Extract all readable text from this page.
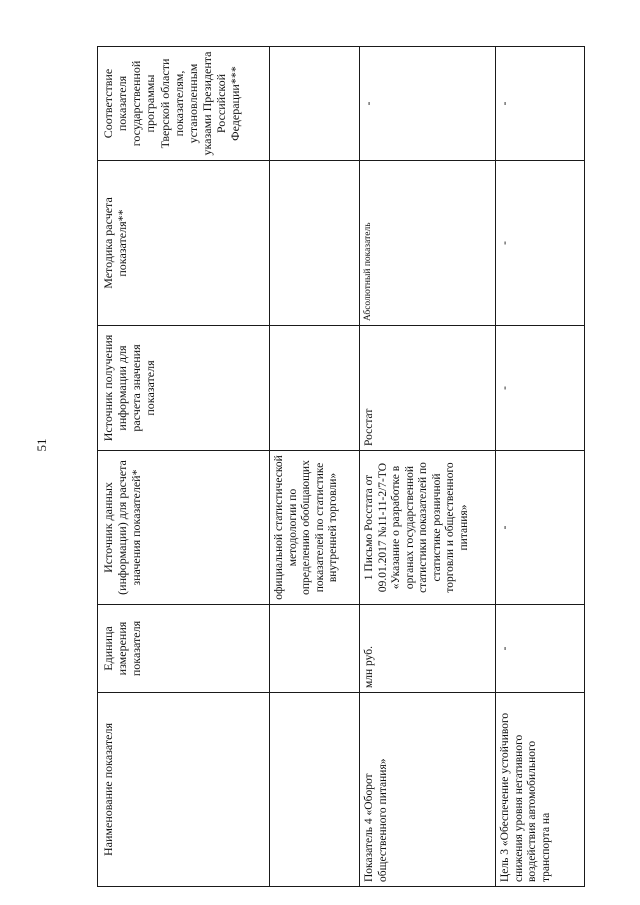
51
Наименование показателя	Единица измерения показателя	Источник данных (информации) для расчета значения показателей*	Источник получения информации для расчета значения показателя	Методика расчета показателя**	Соответствие показателя государственной программы Тверской области показателям, установленным указами Президента Российской Федерации***
		официальной статистической методологии по определению обобщающих показателей по статистике внутренней торговли»			
Показатель 4 «Оборот общественного питания»	млн руб.	1 Письмо Росстата от 09.01.2017 №11-11-2/7-ТО «Указание о разработке в органах государственной статистики показателей по статистике розничной торговли и общественного питания»	Росстат	Абсолютный показатель	-
Цель 3 «Обеспечение устойчивого снижения уровня негативного воздействия автомобильного транспорта на	-	-	-	-	-
